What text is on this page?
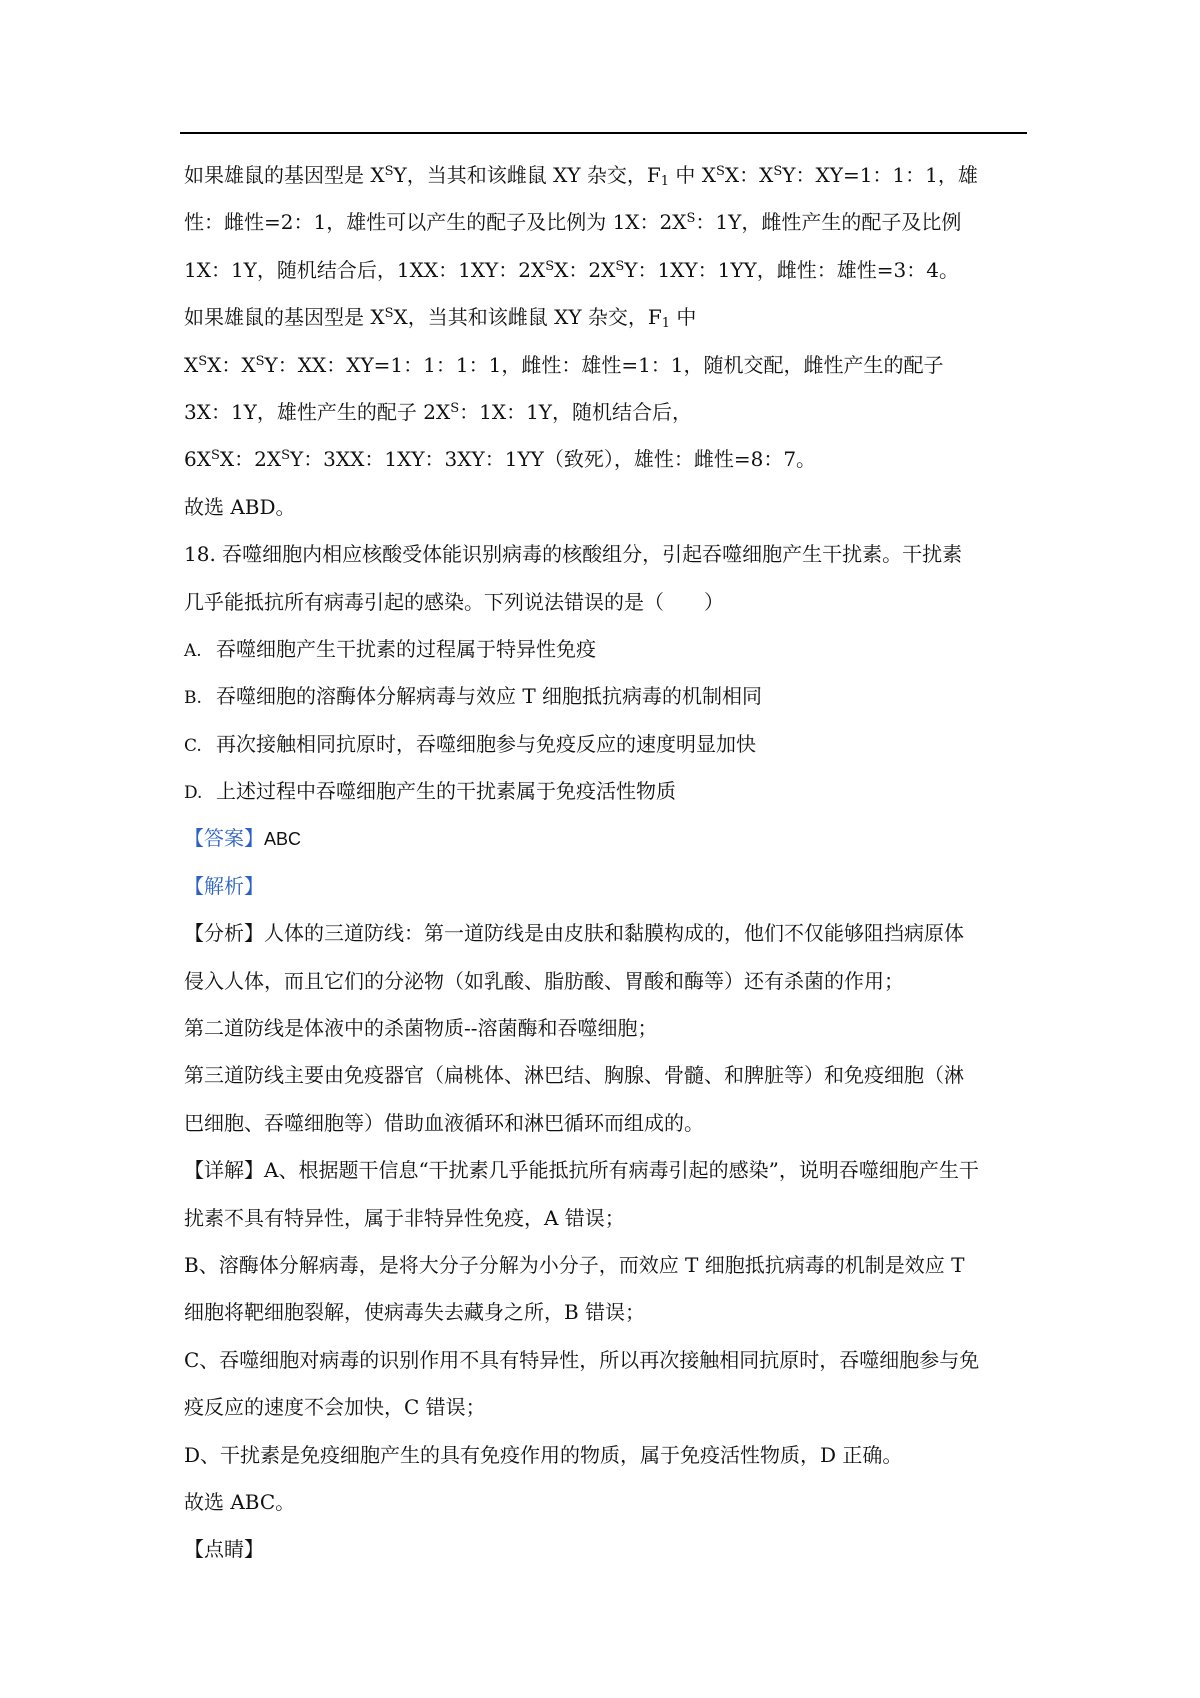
如果雄鼠的基因型是 $X^SY$，当其和该雌鼠 XY 杂交，$F_1$ 中 $X^SX$：$X^SY$：XY=1：1：1，雄
性：雌性=2：1，雄性可以产生的配子及比例为 1X：$2X^S$：1Y，雌性产生的配子及比例
1X：1Y，随机结合后，1XX：1XY：$2X^SX$：$2X^SY$：1XY：1YY，雌性：雄性=3：4。
如果雄鼠的基因型是 $X^SX$，当其和该雌鼠 XY 杂交，$F_1$ 中
$X^SX$：$X^SY$：XX：XY=1：1：1：1，雌性：雄性=1：1，随机交配，雌性产生的配子
3X：1Y，雄性产生的配子 $2X^S$：1X：1Y，随机结合后，
$6X^SX$：$2X^SY$：3XX：1XY：3XY：1YY（致死），雄性：雌性=8：7。
故选 ABD。
18. 吞噬细胞内相应核酸受体能识别病毒的核酸组分，引起吞噬细胞产生干扰素。干扰素
几乎能抵抗所有病毒引起的感染。下列说法错误的是（　　）
A. 吞噬细胞产生干扰素的过程属于特异性免疫
B. 吞噬细胞的溶酶体分解病毒与效应 T 细胞抵抗病毒的机制相同
C. 再次接触相同抗原时，吞噬细胞参与免疫反应的速度明显加快
D. 上述过程中吞噬细胞产生的干扰素属于免疫活性物质
【答案】ABC
【解析】
【分析】人体的三道防线：第一道防线是由皮肤和黏膜构成的，他们不仅能够阻挡病原体
侵入人体，而且它们的分泌物（如乳酸、脂肪酸、胃酸和酶等）还有杀菌的作用；
第二道防线是体液中的杀菌物质--溶菌酶和吞噬细胞；
第三道防线主要由免疫器官（扁桃体、淋巴结、胸腺、骨髓、和脾脏等）和免疫细胞（淋
巴细胞、吞噬细胞等）借助血液循环和淋巴循环而组成的。
【详解】A、根据题干信息“干扰素几乎能抵抗所有病毒引起的感染”，说明吞噬细胞产生干
扰素不具有特异性，属于非特异性免疫，A 错误；
B、溶酶体分解病毒，是将大分子分解为小分子，而效应 T 细胞抵抗病毒的机制是效应 T
细胞将靶细胞裂解，使病毒失去藏身之所，B 错误；
C、吞噬细胞对病毒的识别作用不具有特异性，所以再次接触相同抗原时，吞噬细胞参与免
疫反应的速度不会加快，C 错误；
D、干扰素是免疫细胞产生的具有免疫作用的物质，属于免疫活性物质，D 正确。
故选 ABC。
【点睛】
